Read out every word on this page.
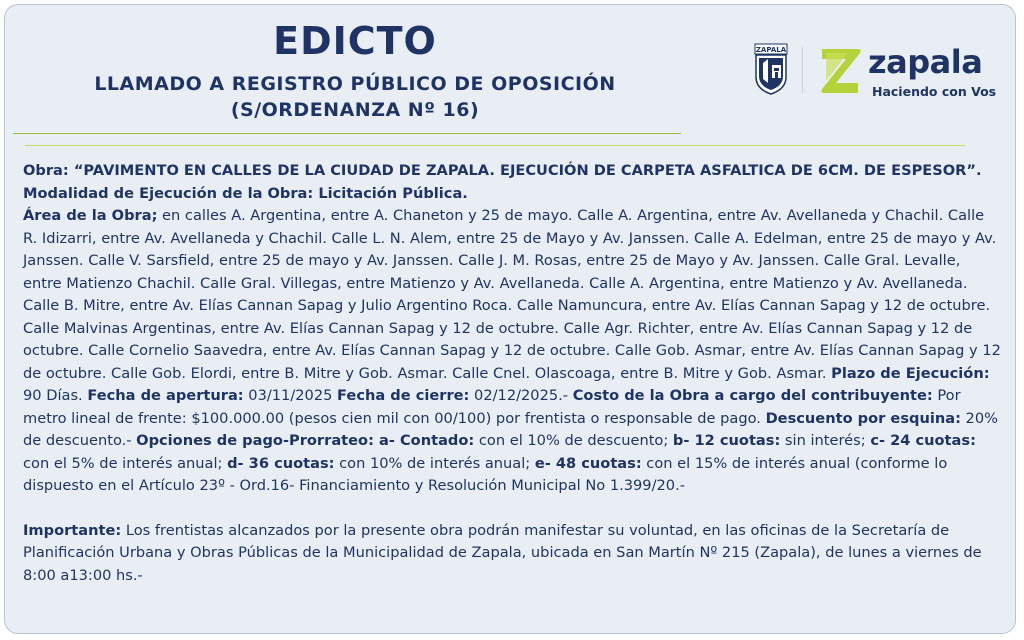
EDICTO
LLAMADO A REGISTRO PÚBLICO DE OPOSICIÓN
(S/ORDENANZA Nº 16)
ZAPALA	zapala
Haciendo con Vos

Obra: “PAVIMENTO EN CALLES DE LA CIUDAD DE ZAPALA. EJECUCIÓN DE CARPETA ASFALTICA DE 6CM. DE ESPESOR”. Modalidad de Ejecución de la Obra: Licitación Pública.

Área de la Obra; en calles A. Argentina, entre A. Chaneton y 25 de mayo. Calle A. Argentina, entre Av. Avellaneda y Chachil. Calle R. Idizarri, entre Av. Avellaneda y Chachil. Calle L. N. Alem, entre 25 de Mayo y Av. Janssen. Calle A. Edelman, entre 25 de mayo y Av. Janssen. Calle V. Sarsfield, entre 25 de mayo y Av. Janssen. Calle J. M. Rosas, entre 25 de Mayo y Av. Janssen. Calle Gral. Levalle, entre Matienzo Chachil. Calle Gral. Villegas, entre Matienzo y Av. Avellaneda. Calle A. Argentina, entre Matienzo y Av. Avellaneda. Calle B. Mitre, entre Av. Elías Cannan Sapag y Julio Argentino Roca. Calle Namuncura, entre Av. Elías Cannan Sapag y 12 de octubre. Calle Malvinas Argentinas, entre Av. Elías Cannan Sapag y 12 de octubre. Calle Agr. Richter, entre Av. Elías Cannan Sapag y 12 de octubre. Calle Cornelio Saavedra, entre Av. Elías Cannan Sapag y 12 de octubre. Calle Gob. Asmar, entre Av. Elías Cannan Sapag y 12 de octubre. Calle Gob. Elordi, entre B. Mitre y Gob. Asmar. Calle Cnel. Olascoaga, entre B. Mitre y Gob. Asmar. Plazo de Ejecución: 90 Días. Fecha de apertura: 03/11/2025 Fecha de cierre: 02/12/2025.- Costo de la Obra a cargo del contribuyente: Por metro lineal de frente: $100.000.00 (pesos cien mil con 00/100) por frentista o responsable de pago. Descuento por esquina: 20% de descuento.- Opciones de pago-Prorrateo: a- Contado: con el 10% de descuento; b- 12 cuotas: sin interés; c- 24 cuotas: con el 5% de interés anual; d- 36 cuotas: con 10% de interés anual; e- 48 cuotas: con el 15% de interés anual (conforme lo dispuesto en el Artículo 23º - Ord.16- Financiamiento y Resolución Municipal No 1.399/20.-

Importante: Los frentistas alcanzados por la presente obra podrán manifestar su voluntad, en las oficinas de la Secretaría de Planificación Urbana y Obras Públicas de la Municipalidad de Zapala, ubicada en San Martín Nº 215 (Zapala), de lunes a viernes de 8:00 a13:00 hs.-
